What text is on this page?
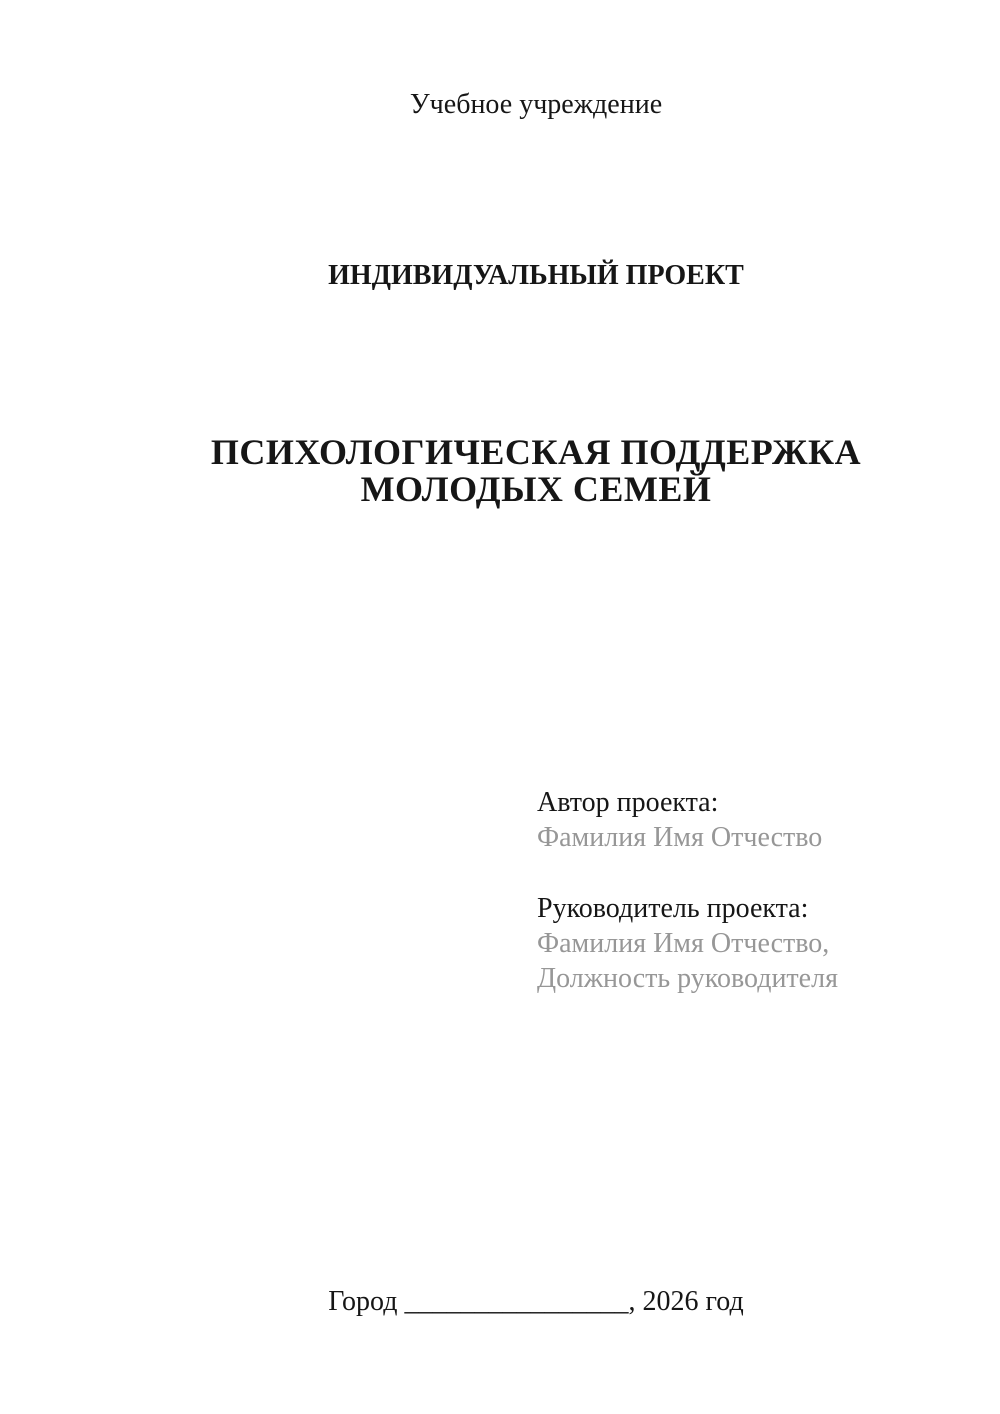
Учебное учреждение
ИНДИВИДУАЛЬНЫЙ ПРОЕКТ
ПСИХОЛОГИЧЕСКАЯ ПОДДЕРЖКА
МОЛОДЫХ СЕМЕЙ
Автор проекта:
Фамилия Имя Отчество
Руководитель проекта:
Фамилия Имя Отчество,
Должность руководителя
Город ________________, 2026 год
